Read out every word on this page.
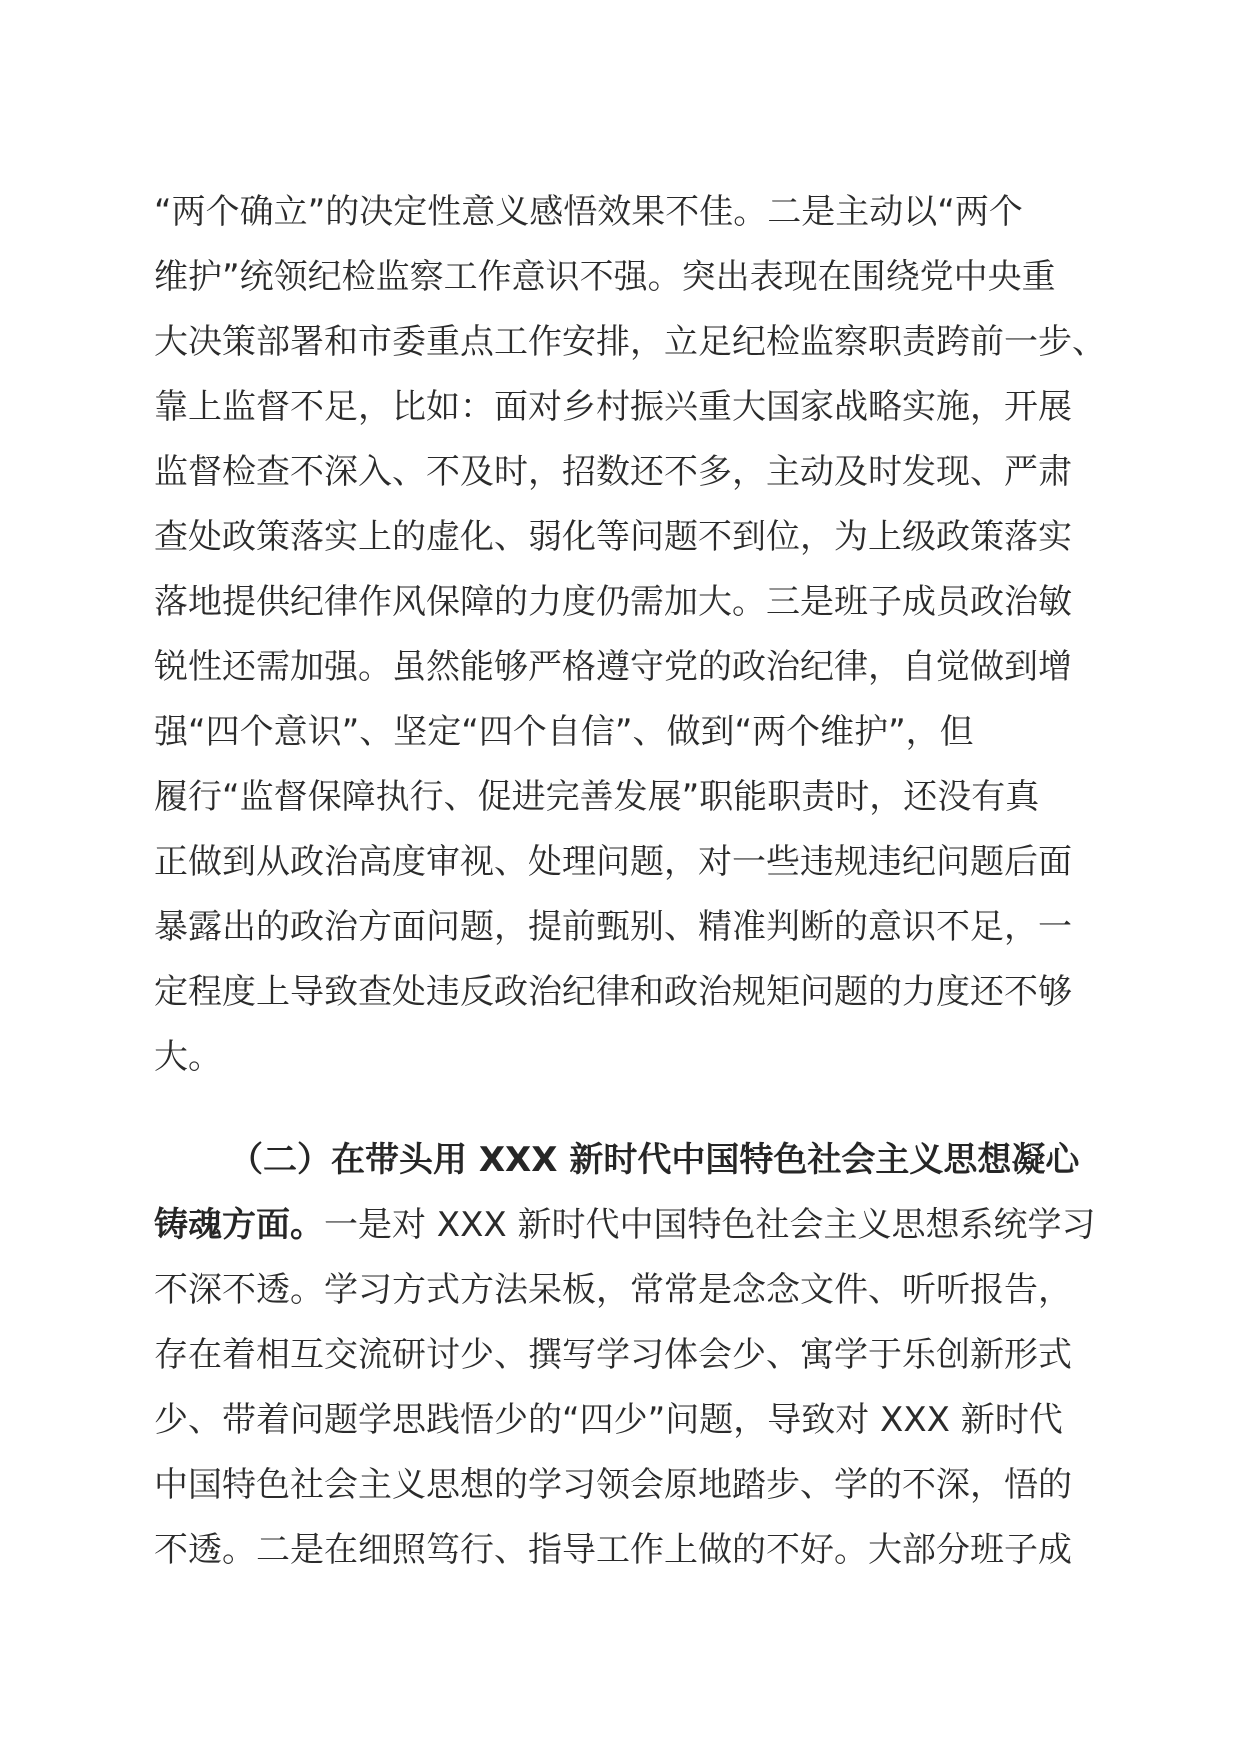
“两个确立”的决定性意义感悟效果不佳。二是主动以“两个
维护”统领纪检监察工作意识不强。突出表现在围绕党中央重
大决策部署和市委重点工作安排，立足纪检监察职责跨前一步、
靠上监督不足，比如：面对乡村振兴重大国家战略实施，开展
监督检查不深入、不及时，招数还不多，主动及时发现、严肃
查处政策落实上的虚化、弱化等问题不到位，为上级政策落实
落地提供纪律作风保障的力度仍需加大。三是班子成员政治敏
锐性还需加强。虽然能够严格遵守党的政治纪律，自觉做到增
强“四个意识”、坚定“四个自信”、做到“两个维护”，但
履行“监督保障执行、促进完善发展”职能职责时，还没有真
正做到从政治高度审视、处理问题，对一些违规违纪问题后面
暴露出的政治方面问题，提前甄别、精准判断的意识不足，一
定程度上导致查处违反政治纪律和政治规矩问题的力度还不够
大。
（二）在带头用 XXX 新时代中国特色社会主义思想凝心
铸魂方面。一是对 XXX 新时代中国特色社会主义思想系统学习
不深不透。学习方式方法呆板，常常是念念文件、听听报告，
存在着相互交流研讨少、撰写学习体会少、寓学于乐创新形式
少、带着问题学思践悟少的“四少”问题，导致对 XXX 新时代
中国特色社会主义思想的学习领会原地踏步、学的不深，悟的
不透。二是在细照笃行、指导工作上做的不好。大部分班子成
